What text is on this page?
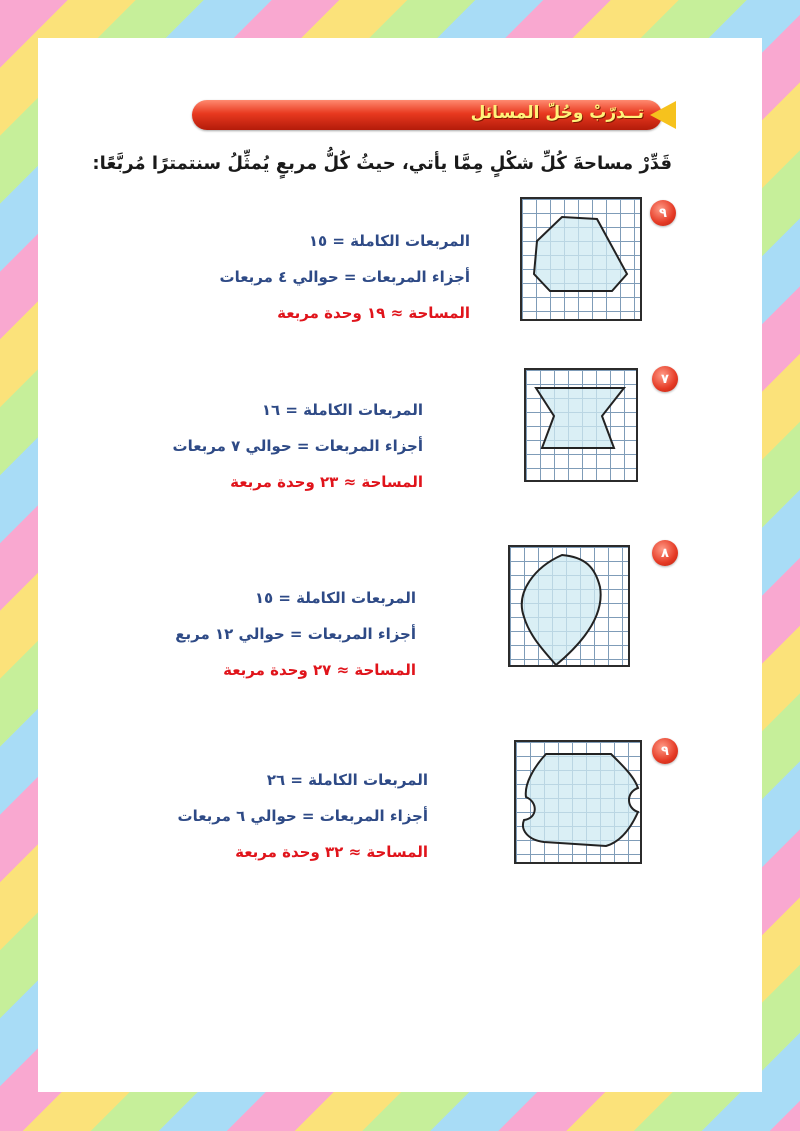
تــدرّبْ وحُلّ المسائل
قَدِّرْ مساحةَ كُلِّ شكْلٍ مِمَّا يأتي، حيثُ كُلُّ مربعٍ يُمثِّلُ سنتمترًا مُربَّعًا:
٩
المربعات الكاملة = ١٥
أجزاء المربعات = حوالي ٤ مربعات
المساحة ≈ ١٩ وحدة مربعة
٧
المربعات الكاملة = ١٦
أجزاء المربعات = حوالي ٧ مربعات
المساحة ≈ ٢٣ وحدة مربعة
٨
المربعات الكاملة = ١٥
أجزاء المربعات = حوالي ١٢ مربع
المساحة ≈ ٢٧ وحدة مربعة
٩
المربعات الكاملة = ٢٦
أجزاء المربعات = حوالي ٦ مربعات
المساحة ≈ ٣٢ وحدة مربعة
